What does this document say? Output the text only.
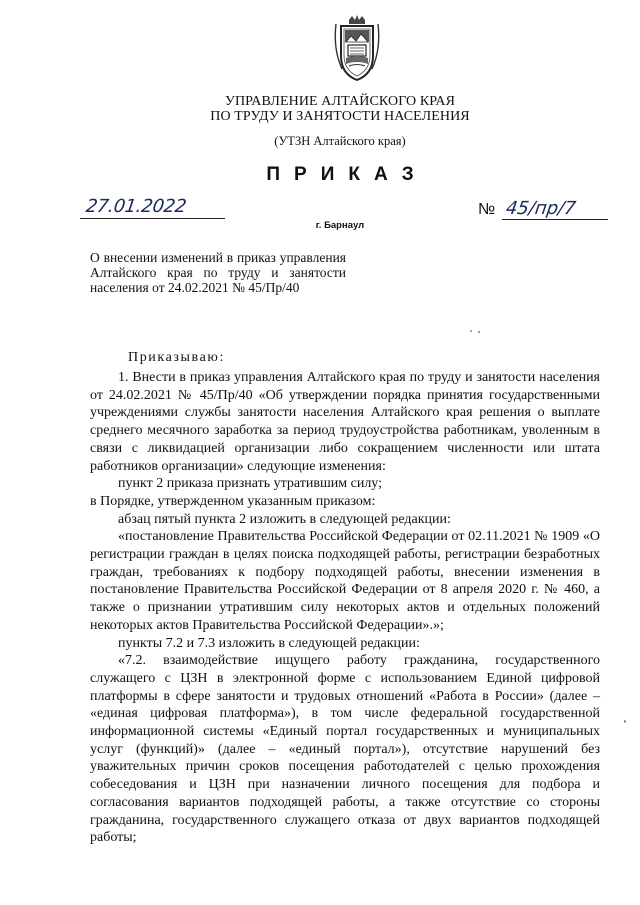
УПРАВЛЕНИЕ АЛТАЙСКОГО КРАЯ
ПО ТРУДУ И ЗАНЯТОСТИ НАСЕЛЕНИЯ
(УТЗН Алтайского края)
ПРИКАЗ
27.01.2022
г. Барнаул
№ 45/пр/7

О внесении изменений в приказ управления Алтайского края по труду и занятости населения от 24.02.2021 № 45/Пр/40

Приказываю:

1. Внести в приказ управления Алтайского края по труду и занятости населения от 24.02.2021 № 45/Пр/40 «Об утверждении порядка принятия государственными учреждениями службы занятости населения Алтайского края решения о выплате среднего месячного заработка за период трудоустройства работникам, уволенным в связи с ликвидацией организации либо сокращением численности или штата работников организации» следующие изменения:

пункт 2 приказа признать утратившим силу;

в Порядке, утвержденном указанным приказом:

абзац пятый пункта 2 изложить в следующей редакции:

«постановление Правительства Российской Федерации от 02.11.2021 № 1909 «О регистрации граждан в целях поиска подходящей работы, регистрации безработных граждан, требованиях к подбору подходящей работы, внесении изменения в постановление Правительства Российской Федерации от 8 апреля 2020 г. № 460, а также о признании утратившим силу некоторых актов и отдельных положений некоторых актов Правительства Российской Федерации».»;

пункты 7.2 и 7.3 изложить в следующей редакции:

«7.2. взаимодействие ищущего работу гражданина, государственного служащего с ЦЗН в электронной форме с использованием Единой цифровой платформы в сфере занятости и трудовых отношений «Работа в России» (далее – «единая цифровая платформа»), в том числе федеральной государственной информационной системы «Единый портал государственных и муниципальных услуг (функций)» (далее – «единый портал»), отсутствие нарушений без уважительных причин сроков посещения работодателей с целью прохождения собеседования и ЦЗН при назначении личного посещения для подбора и согласования вариантов подходящей работы, а также отсутствие со стороны гражданина, государственного служащего отказа от двух вариантов подходящей работы;
